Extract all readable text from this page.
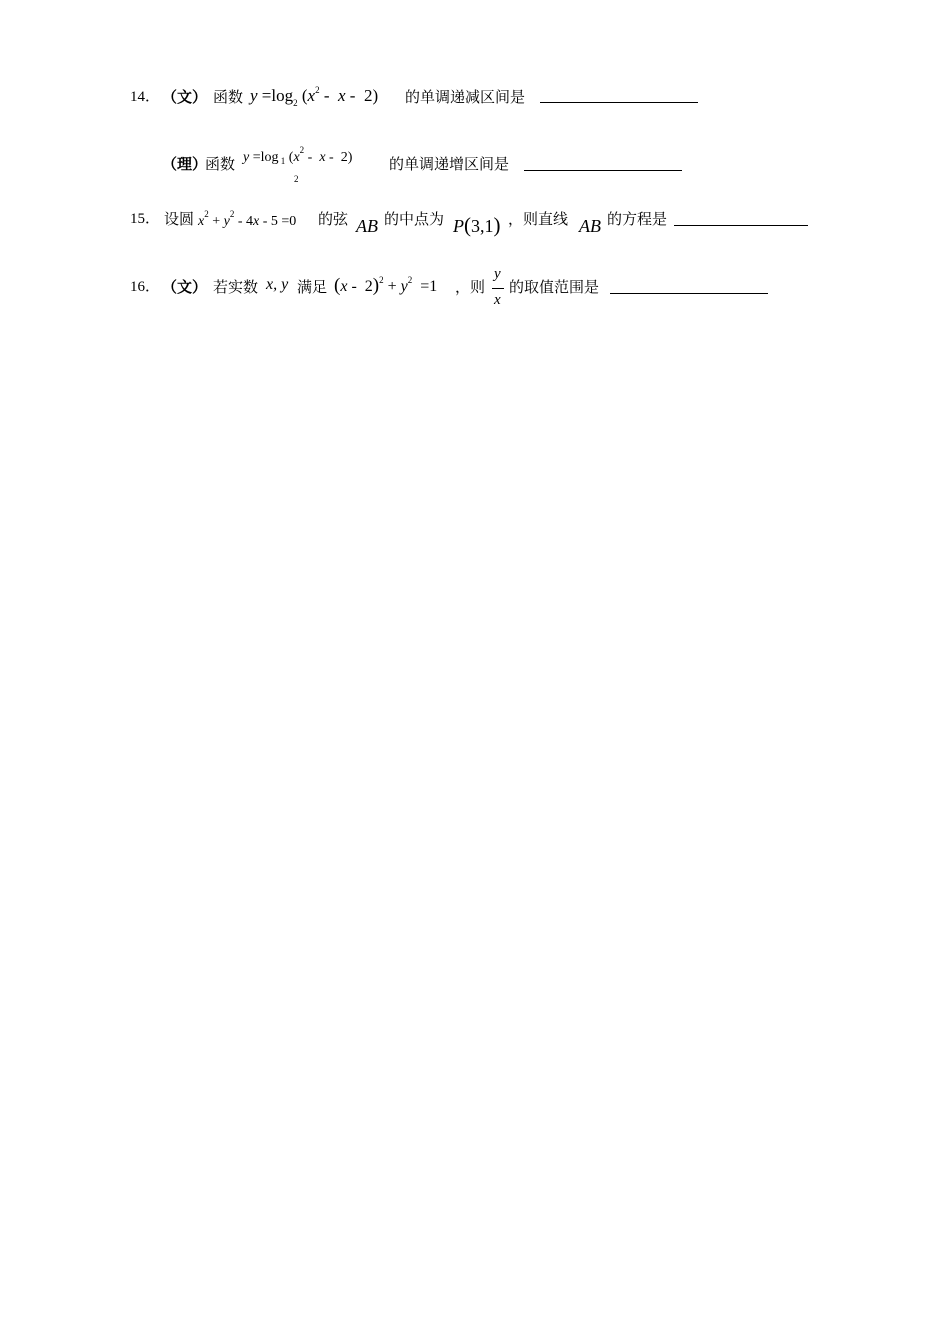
14． （文） 函数 $y =\log_2$ ($x^2$ -  x -  2) 的单调递减区间是
（理）
函数 y =log $_1$ ($x^2$ -  x -  2)
2
的单调递增区间是
15． 设圆 $x^2 + y^2 - 4x - 5 =0$ 的弦 AB 的中点为 P(3,1) ，则直线 AB 的方程是
16． （文） 若实数 x, y 满足 $(x - 2)^2 + y^2 =1$ ，则
y
x
的取值范围是
